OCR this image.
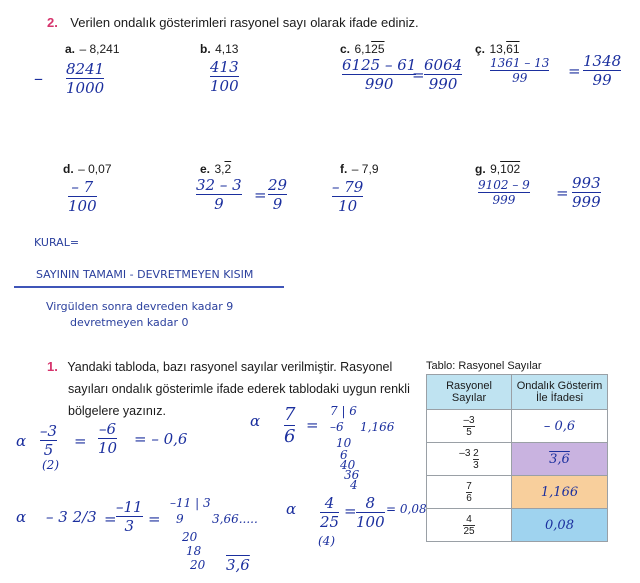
2. Verilen ondalık gösterimleri rasyonel sayı olarak ifade ediniz.
a. – 8,241	b. 4,13	c. 6,125	ç. 13,61
– 8241
1000
413
100
6125 – 61
990 =
6064
990
1361 – 13
99	=
1348
99
d. – 0,07	e. 3,2	f. – 7,9	g. 9,102
– 7
100
32 – 3
9 =
29
9
– 79
10
9102 – 9
999	=
993
999
KURAL=
SAYININ TAMAMI - DEVRETMEYEN KISIM
Virgülden sonra devreden kadar 9
devretmeyen kadar 0
1. Yandaki tabloda, bazı rasyonel sayılar verilmiştir. Rasyonel
sayıları ondalık gösterimle ifade ederek tablodaki uygun renkli
bölgelere yazınız.
α
–3
5
(2)
=
–6
10 = – 0,6
α 7
6
=
7 | 6
–6 1,166
10
6
40
36
4
α – 3 2/3 =
–11
3 =
–11 | 3
9 3,66.....
20
18
20 3,6
α 4
25
(4)
= 8
100
= 0,08
Tablo: Rasyonel Sayılar
Rasyonel Sayılar	Ondalık Gösterim İle İfadesi

$\frac{-3}{5}$	– 0,6
$-3 \frac{2}{3}$	3,6

$\frac{7}{6}$	1,166

$\frac{4}{25}$	0,08
